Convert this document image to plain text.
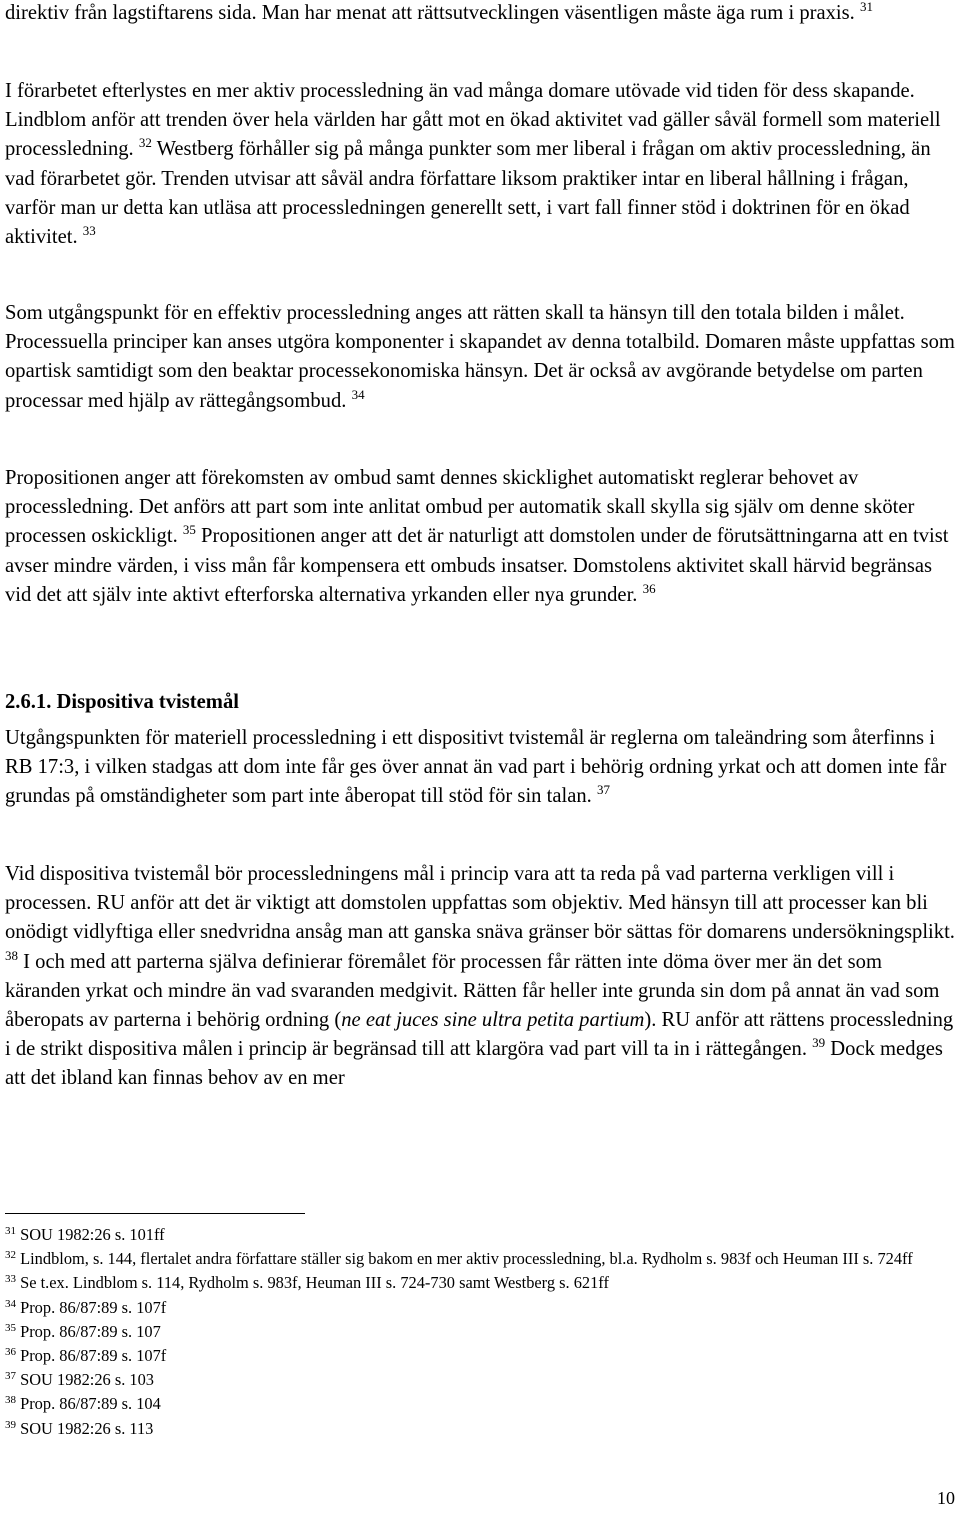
direktiv från lagstiftarens sida. Man har menat att rättsutvecklingen väsentligen måste äga rum i praxis. $^{31}$

I förarbetet efterlystes en mer aktiv processledning än vad många domare utövade vid tiden för dess skapande. Lindblom anför att trenden över hela världen har gått mot en ökad aktivitet vad gäller såväl formell som materiell processledning. $^{32}$ Westberg förhåller sig på många punkter som mer liberal i frågan om aktiv processledning, än vad förarbetet gör. Trenden utvisar att såväl andra författare liksom praktiker intar en liberal hållning i frågan, varför man ur detta kan utläsa att processledningen generellt sett, i vart fall finner stöd i doktrinen för en ökad aktivitet. $^{33}$

Som utgångspunkt för en effektiv processledning anges att rätten skall ta hänsyn till den totala bilden i målet. Processuella principer kan anses utgöra komponenter i skapandet av denna totalbild. Domaren måste uppfattas som opartisk samtidigt som den beaktar processekonomiska hänsyn. Det är också av avgörande betydelse om parten processar med hjälp av rättegångsombud. $^{34}$

Propositionen anger att förekomsten av ombud samt dennes skicklighet automatiskt reglerar behovet av processledning. Det anförs att part som inte anlitat ombud per automatik skall skylla sig själv om denne sköter processen oskickligt. $^{35}$ Propositionen anger att det är naturligt att domstolen under de förutsättningarna att en tvist avser mindre värden, i viss mån får kompensera ett ombuds insatser. Domstolens aktivitet skall härvid begränsas vid det att själv inte aktivt efterforska alternativa yrkanden eller nya grunder. $^{36}$

2.6.1. Dispositiva tvistemål

Utgångspunkten för materiell processledning i ett dispositivt tvistemål är reglerna om taleändring som återfinns i RB 17:3, i vilken stadgas att dom inte får ges över annat än vad part i behörig ordning yrkat och att domen inte får grundas på omständigheter som part inte åberopat till stöd för sin talan. $^{37}$

Vid dispositiva tvistemål bör processledningens mål i princip vara att ta reda på vad parterna verkligen vill i processen. RU anför att det är viktigt att domstolen uppfattas som objektiv. Med hänsyn till att processer kan bli onödigt vidlyftiga eller snedvridna ansåg man att ganska snäva gränser bör sättas för domarens undersökningsplikt. $^{38}$ I och med att parterna själva definierar föremålet för processen får rätten inte döma över mer än det som käranden yrkat och mindre än vad svaranden medgivit. Rätten får heller inte grunda sin dom på annat än vad som åberopats av parterna i behörig ordning (ne eat juces sine ultra petita partium). RU anför att rättens processledning i de strikt dispositiva målen i princip är begränsad till att klargöra vad part vill ta in i rättegången. $^{39}$ Dock medges att det ibland kan finnas behov av en mer

$^{31}$ SOU 1982:26 s. 101ff

$^{32}$ Lindblom, s. 144, flertalet andra författare ställer sig bakom en mer aktiv processledning, bl.a. Rydholm s. 983f och Heuman III s. 724ff

$^{33}$ Se t.ex. Lindblom s. 114, Rydholm s. 983f, Heuman III s. 724-730 samt Westberg s. 621ff

$^{34}$ Prop. 86/87:89 s. 107f

$^{35}$ Prop. 86/87:89 s. 107

$^{36}$ Prop. 86/87:89 s. 107f

$^{37}$ SOU 1982:26 s. 103

$^{38}$ Prop. 86/87:89 s. 104

$^{39}$ SOU 1982:26 s. 113

10
